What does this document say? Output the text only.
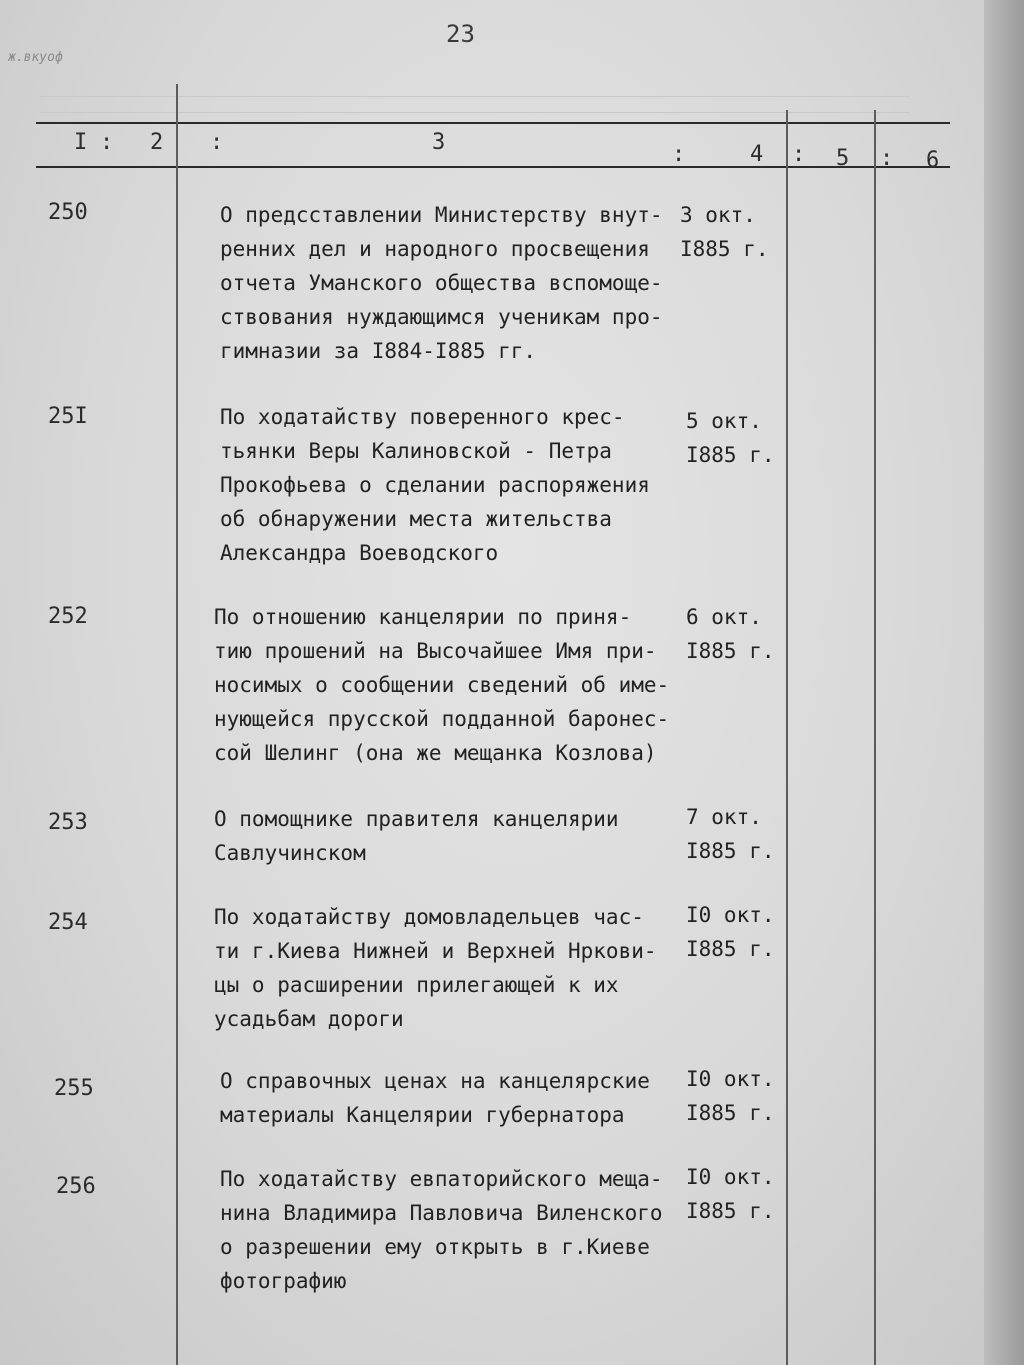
ж.вкуоф
23
I : 2 :	3	:	4 : 5 : 6
250	О предcставлении Министерству внут-
ренних дел и народного просвещения
отчета Уманского общества вспомоще-
ствования нуждающимся ученикам про-
гимназии за I884-I885 гг.
3 окт.
I885 г.
25I	По ходатайству поверенного крес-
тьянки Веры Калиновской - Петра
Прокофьева о сделании распоряжения
об обнаружении места жительства
Александра Воеводского
5 окт.
I885 г.
252	По отношению канцелярии по приня-
тию прошений на Высочайшее Имя при-
носимых о сообщении сведений об име-
нующейся прусской подданной баронес-
сой Шелинг (она же мещанка Козлова)
6 окт.
I885 г.
253	О помощнике правителя канцелярии
Савлучинском
7 окт.
I885 г.
254	По ходатайству домовладельцев час-
ти г.Киева Нижней и Верхней Нркови-
цы о расширении прилегающей к их
усадьбам дороги
I0 окт.
I885 г.
255	О справочных ценах на канцелярские
материалы Канцелярии губернатора
I0 окт.
I885 г.
256	По ходатайству евпаторийского меща-
нина Владимира Павловича Виленского
о разрешении ему открыть в г.Киеве
фотографию
I0 окт.
I885 г.
